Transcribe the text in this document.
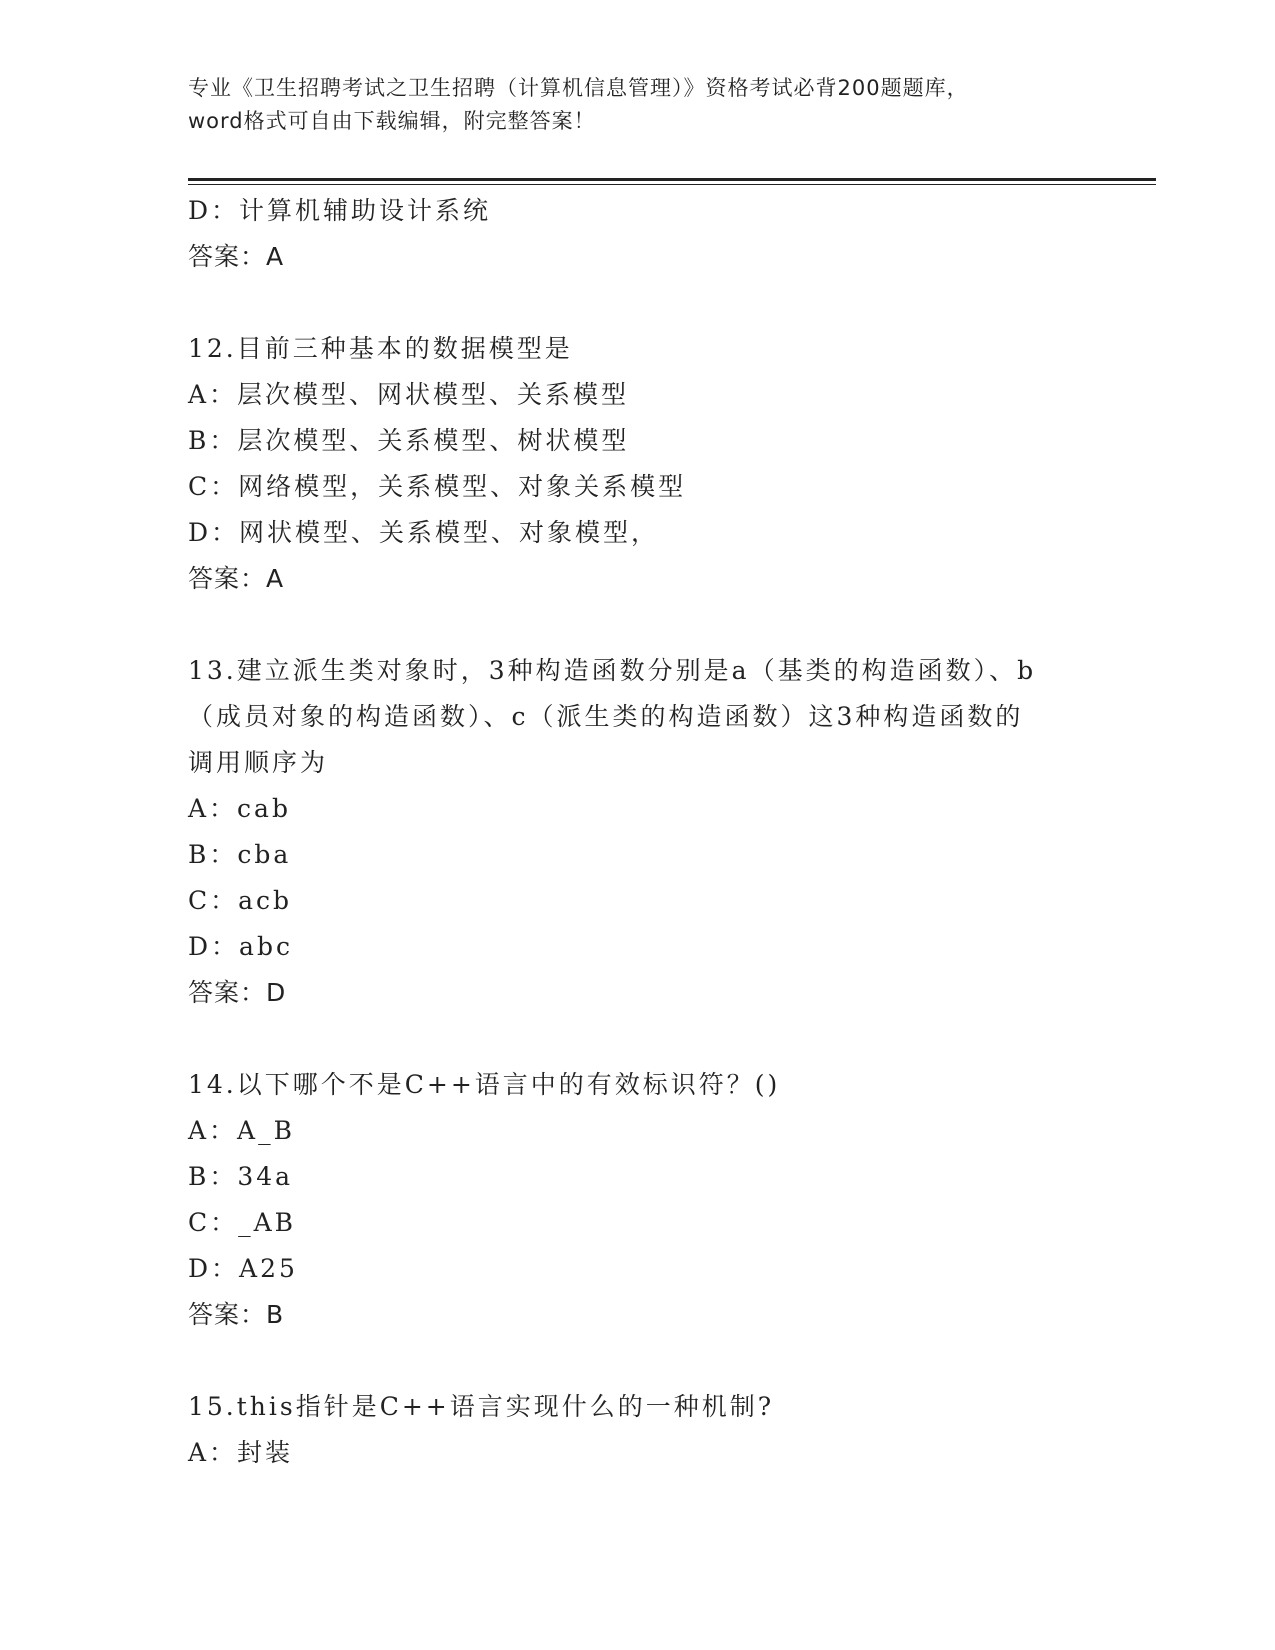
专业《卫生招聘考试之卫生招聘（计算机信息管理）》资格考试必背200题题库，
word格式可自由下载编辑，附完整答案！
D：计算机辅助设计系统
答案：A
12.目前三种基本的数据模型是
A：层次模型、网状模型、关系模型
B：层次模型、关系模型、树状模型
C：网络模型，关系模型、对象关系模型
D：网状模型、关系模型、对象模型，
答案：A
13.建立派生类对象时，3种构造函数分别是a（基类的构造函数）、b
（成员对象的构造函数）、c（派生类的构造函数）这3种构造函数的
调用顺序为
A：cab
B：cba
C：acb
D：abc
答案：D
14.以下哪个不是C++语言中的有效标识符？()
A：A_B
B：34a
C：_AB
D：A25
答案：B
15.this指针是C++语言实现什么的一种机制?
A：封装
